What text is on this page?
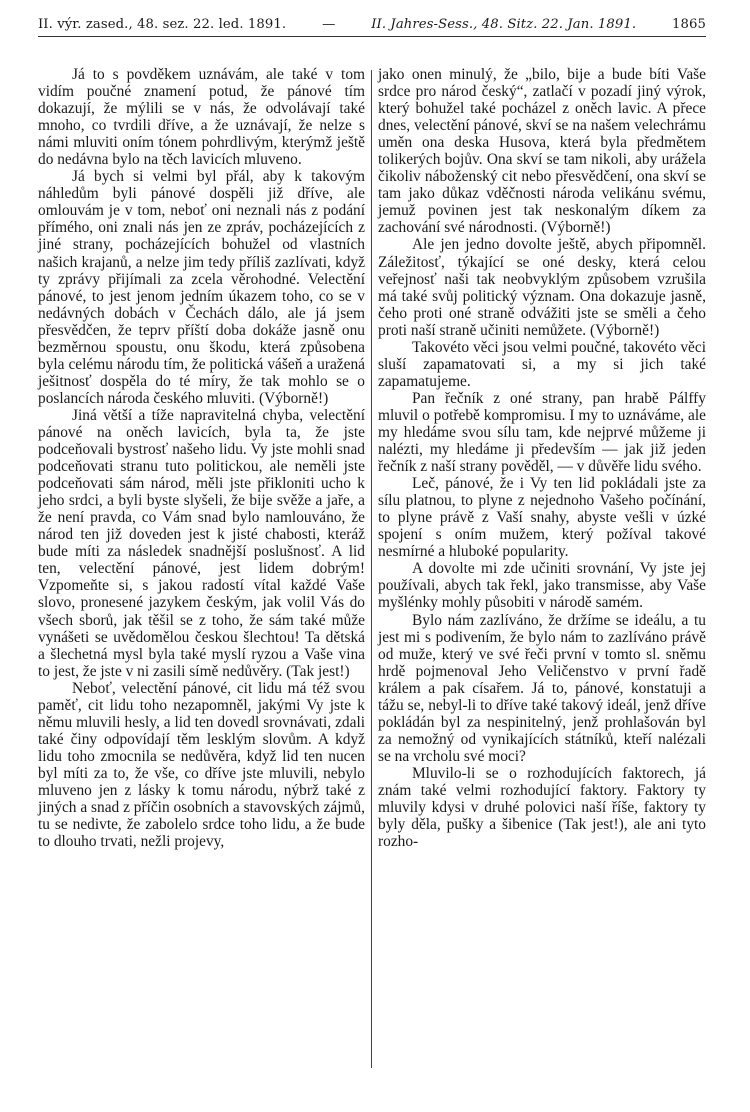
II. výr. zased., 48. sez. 22. led. 1891.	—	II. Jahres-Sess., 48. Sitz. 22. Jan. 1891.	1865

Já to s povděkem uznávám, ale také v tom vidím poučné znamení potud, že pánové tím dokazují, že mýlili se v nás, že odvolávají také mnoho, co tvrdili dříve, a že uznávají, že nelze s námi mluviti oním tónem pohrdlivým, kterýmž ještě do nedávna bylo na těch lavicích mluveno.

Já bych si velmi byl přál, aby k takovým náhledům byli pánové dospěli již dříve, ale omlouvám je v tom, neboť oni neznali nás z podání přímého, oni znali nás jen ze zpráv, pocházejících z jiné strany, pocházejících bohužel od vlastních našich krajanů, a nelze jim tedy příliš zazlívati, když ty zprávy přijímali za zcela věrohodné. Velectění pánové, to jest jenom jedním úkazem toho, co se v nedávných dobách v Čechách dálo, ale já jsem přesvědčen, že teprv příští doba dokáže jasně onu bezměrnou spoustu, onu škodu, která způsobena byla celému národu tím, že politická vášeň a uražená ješitnosť dospěla do té míry, že tak mohlo se o poslancích národa českého mluviti. (Výborně!)

Jiná větší a tíže napravitelná chyba, velectění pánové na oněch lavicích, byla ta, že jste podceňovali bystrosť našeho lidu. Vy jste mohli snad podceňovati stranu tuto politickou, ale neměli jste podceňovati sám národ, měli jste přikloniti ucho k jeho srdci, a byli byste slyšeli, že bije svěže a jaře, a že není pravda, co Vám snad bylo namlouváno, že národ ten již doveden jest k jisté chabosti, kteráž bude míti za následek snadnější poslušnosť. A lid ten, velectění pánové, jest lidem dobrým! Vzpomeňte si, s jakou radostí vítal každé Vaše slovo, pronesené jazykem českým, jak volil Vás do všech sborů, jak těšil se z toho, že sám také může vynášeti se uvědomělou českou šlechtou! Ta dětská a šlechetná mysl byla také myslí ryzou a Vaše vina to jest, že jste v ni zasili símě nedůvěry. (Tak jest!)

Neboť, velectění pánové, cit lidu má též svou paměť, cit lidu toho nezapomněl, jakými Vy jste k němu mluvili hesly, a lid ten dovedl srovnávati, zdali také činy odpovídají těm lesklým slovům. A když lidu toho zmocnila se nedůvěra, když lid ten nucen byl míti za to, že vše, co dříve jste mluvili, nebylo mluveno jen z lásky k tomu národu, nýbrž také z jiných a snad z příčin osobních a stavovských zájmů, tu se nedivte, že zabolelo srdce toho lidu, a že bude to dlouho trvati, nežli projevy,

jako onen minulý, že „bilo, bije a bude bíti Vaše srdce pro národ český“, zatlačí v pozadí jiný výrok, který bohužel také pocházel z oněch lavic. A přece dnes, velectění pánové, skví se na našem velechrámu uměn ona deska Husova, která byla předmětem tolikerých bojův. Ona skví se tam nikoli, aby urážela čikoliv náboženský cit nebo přesvědčení, ona skví se tam jako důkaz vděčnosti národa velikánu svému, jemuž povinen jest tak neskonalým díkem za zachování své národnosti. (Výborně!)

Ale jen jedno dovolte ještě, abych připomněl. Záležitosť, týkající se oné desky, která celou veřejnosť naši tak neobvyklým způsobem vzrušila má také svůj politický význam. Ona dokazuje jasně, čeho proti oné straně odvážiti jste se směli a čeho proti naší straně učiniti nemůžete. (Výborně!)

Takovéto věci jsou velmi poučné, takovéto věci sluší zapamatovati si, a my si jich také zapamatujeme.

Pan řečník z oné strany, pan hrabě Pálffy mluvil o potřebě kompromisu. I my to uznáváme, ale my hledáme svou sílu tam, kde nejprvé můžeme ji nalézti, my hledáme ji především — jak již jeden řečník z naší strany pověděl, — v důvěře lidu svého.

Leč, pánové, že i Vy ten lid pokládali jste za sílu platnou, to plyne z nejednoho Vašeho počínání, to plyne právě z Vaší snahy, abyste vešli v úzké spojení s oním mužem, který požíval takové nesmírné a hluboké popularity.

A dovolte mi zde učiniti srovnání, Vy jste jej používali, abych tak řekl, jako transmisse, aby Vaše myšlénky mohly působiti v národě samém.

Bylo nám zazlíváno, že držíme se ideálu, a tu jest mi s podivením, že bylo nám to zazlíváno právě od muže, který ve své řeči první v tomto sl. sněmu hrdě pojmenoval Jeho Veličenstvo v první řadě králem a pak císařem. Já to, pánové, konstatuji a tážu se, nebyl-li to dříve také takový ideál, jenž dříve pokládán byl za nespinitelný, jenž prohlašován byl za nemožný od vynikajících státníků, kteří nalézali se na vrcholu své moci?

Mluvilo-li se o rozhodujících faktorech, já znám také velmi rozhodující faktory. Faktory ty mluvily kdysi v druhé polovici naší říše, faktory ty byly děla, pušky a šibenice (Tak jest!), ale ani tyto rozho-
